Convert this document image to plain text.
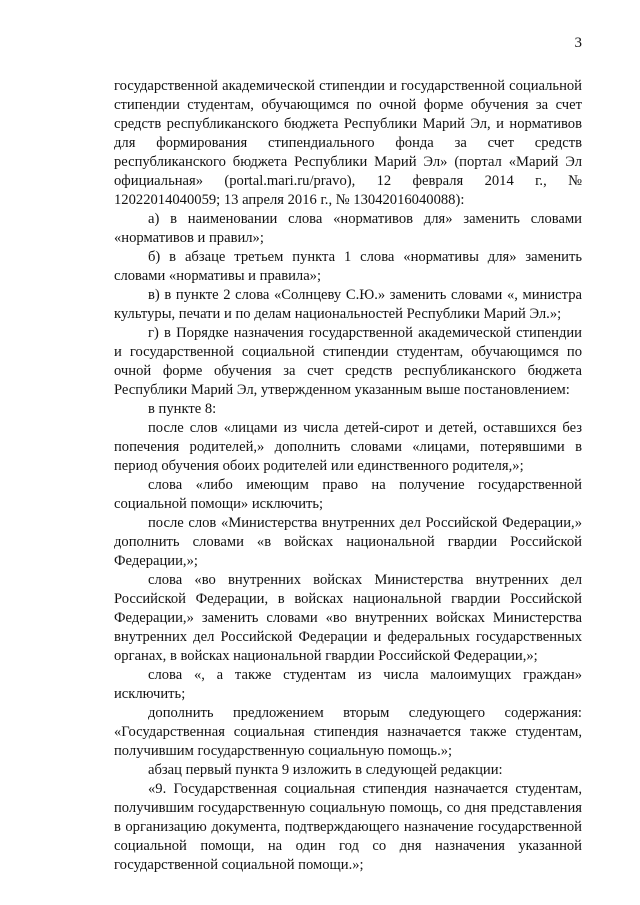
3

государственной академической стипендии и государственной социальной стипендии студентам, обучающимся по очной форме обучения за счет средств республиканского бюджета Республики Марий Эл, и нормативов для формирования стипендиального фонда за счет средств республиканского бюджета Республики Марий Эл» (портал «Марий Эл официальная» (portal.mari.ru/pravo), 12 февраля 2014 г., № 12022014040059; 13 апреля 2016 г., № 13042016040088):

а) в наименовании слова «нормативов для» заменить словами «нормативов и правил»;

б) в абзаце третьем пункта 1 слова «нормативы для» заменить словами «нормативы и правила»;

в) в пункте 2 слова «Солнцеву С.Ю.» заменить словами «, министра культуры, печати и по делам национальностей Республики Марий Эл.»;

г) в Порядке назначения государственной академической стипендии и государственной социальной стипендии студентам, обучающимся по очной форме обучения за счет средств республиканского бюджета Республики Марий Эл, утвержденном указанным выше постановлением:

в пункте 8:

после слов «лицами из числа детей-сирот и детей, оставшихся без попечения родителей,» дополнить словами «лицами, потерявшими в период обучения обоих родителей или единственного родителя,»;

слова «либо имеющим право на получение государственной социальной помощи» исключить;

после слов «Министерства внутренних дел Российской Федерации,» дополнить словами «в войсках национальной гвардии Российской Федерации,»;

слова «во внутренних войсках Министерства внутренних дел Российской Федерации, в войсках национальной гвардии Российской Федерации,» заменить словами «во внутренних войсках Министерства внутренних дел Российской Федерации и федеральных государственных органах, в войсках национальной гвардии Российской Федерации,»;

слова «, а также студентам из числа малоимущих граждан» исключить;

дополнить предложением вторым следующего содержания: «Государственная социальная стипендия назначается также студентам, получившим государственную социальную помощь.»;

абзац первый пункта 9 изложить в следующей редакции:

«9. Государственная социальная стипендия назначается студентам, получившим государственную социальную помощь, со дня представления в организацию документа, подтверждающего назначение государственной социальной помощи, на один год со дня назначения указанной государственной социальной помощи.»;
